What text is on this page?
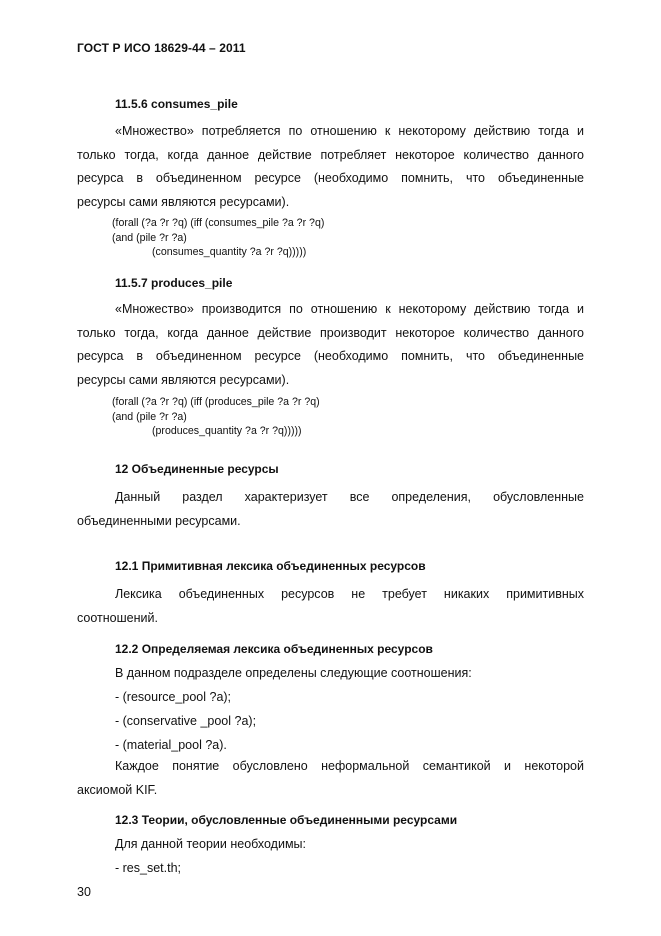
ГОСТ Р ИСО 18629-44 – 2011
11.5.6 consumes_pile
«Множество» потребляется по отношению к некоторому действию тогда и
только тогда, когда данное действие потребляет некоторое количество данного
ресурса в объединенном ресурсе (необходимо помнить, что объединенные
ресурсы сами являются ресурсами).
(forall (?a ?r ?q) (iff (consumes_pile ?a ?r ?q)
(and (pile ?r ?a)
(consumes_quantity ?a ?r ?q)))))
11.5.7 produces_pile
«Множество» производится по отношению к некоторому действию тогда и
только тогда, когда данное действие производит некоторое количество данного
ресурса в объединенном ресурсе (необходимо помнить, что объединенные
ресурсы сами являются ресурсами).
(forall (?a ?r ?q) (iff (produces_pile ?a ?r ?q)
(and (pile ?r ?a)
(produces_quantity ?a ?r ?q)))))
12 Объединенные ресурсы
Данный раздел характеризует все определения, обусловленные
объединенными ресурсами.
12.1 Примитивная лексика объединенных ресурсов
Лексика объединенных ресурсов не требует никаких примитивных
соотношений.
12.2 Определяемая лексика объединенных ресурсов
В данном подразделе определены следующие соотношения:
- (resource_pool ?a);
- (conservative _pool ?a);
- (material_pool ?a).
Каждое понятие обусловлено неформальной семантикой и некоторой
аксиомой KIF.
12.3 Теории, обусловленные объединенными ресурсами
Для данной теории необходимы:
- res_set.th;
30
